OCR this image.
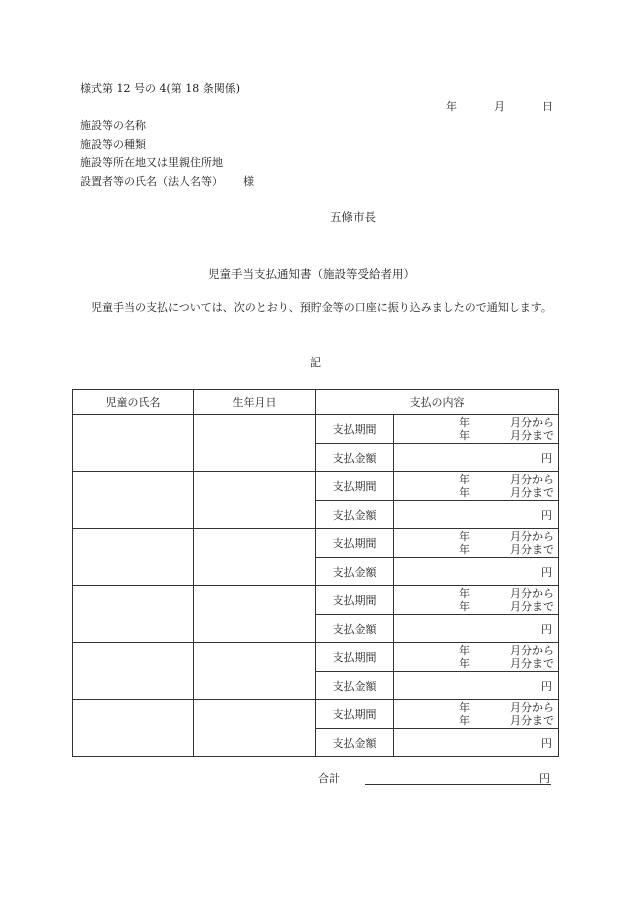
様式第 12 号の 4(第 18 条関係)
年	月	日
施設等の名称
施設等の種類
施設等所在地又は里親住所地
設置者等の氏名（法人名等） 様
五條市長
児童手当支払通知書（施設等受給者用）
児童手当の支払については、次のとおり、預貯金等の口座に振り込みましたので通知します。
記
児童の氏名	生年月日	支払の内容	
		支払期間	年 月分から
年 月分まで

		支払金額	円
		支払期間	年 月分から
年 月分まで

		支払金額	円
		支払期間	年 月分から
年 月分まで

		支払金額	円
		支払期間	年 月分から
年 月分まで

		支払金額	円
		支払期間	年 月分から
年 月分まで

		支払金額	円
		支払期間	年 月分から
年 月分まで

		支払金額	円
合計	円
